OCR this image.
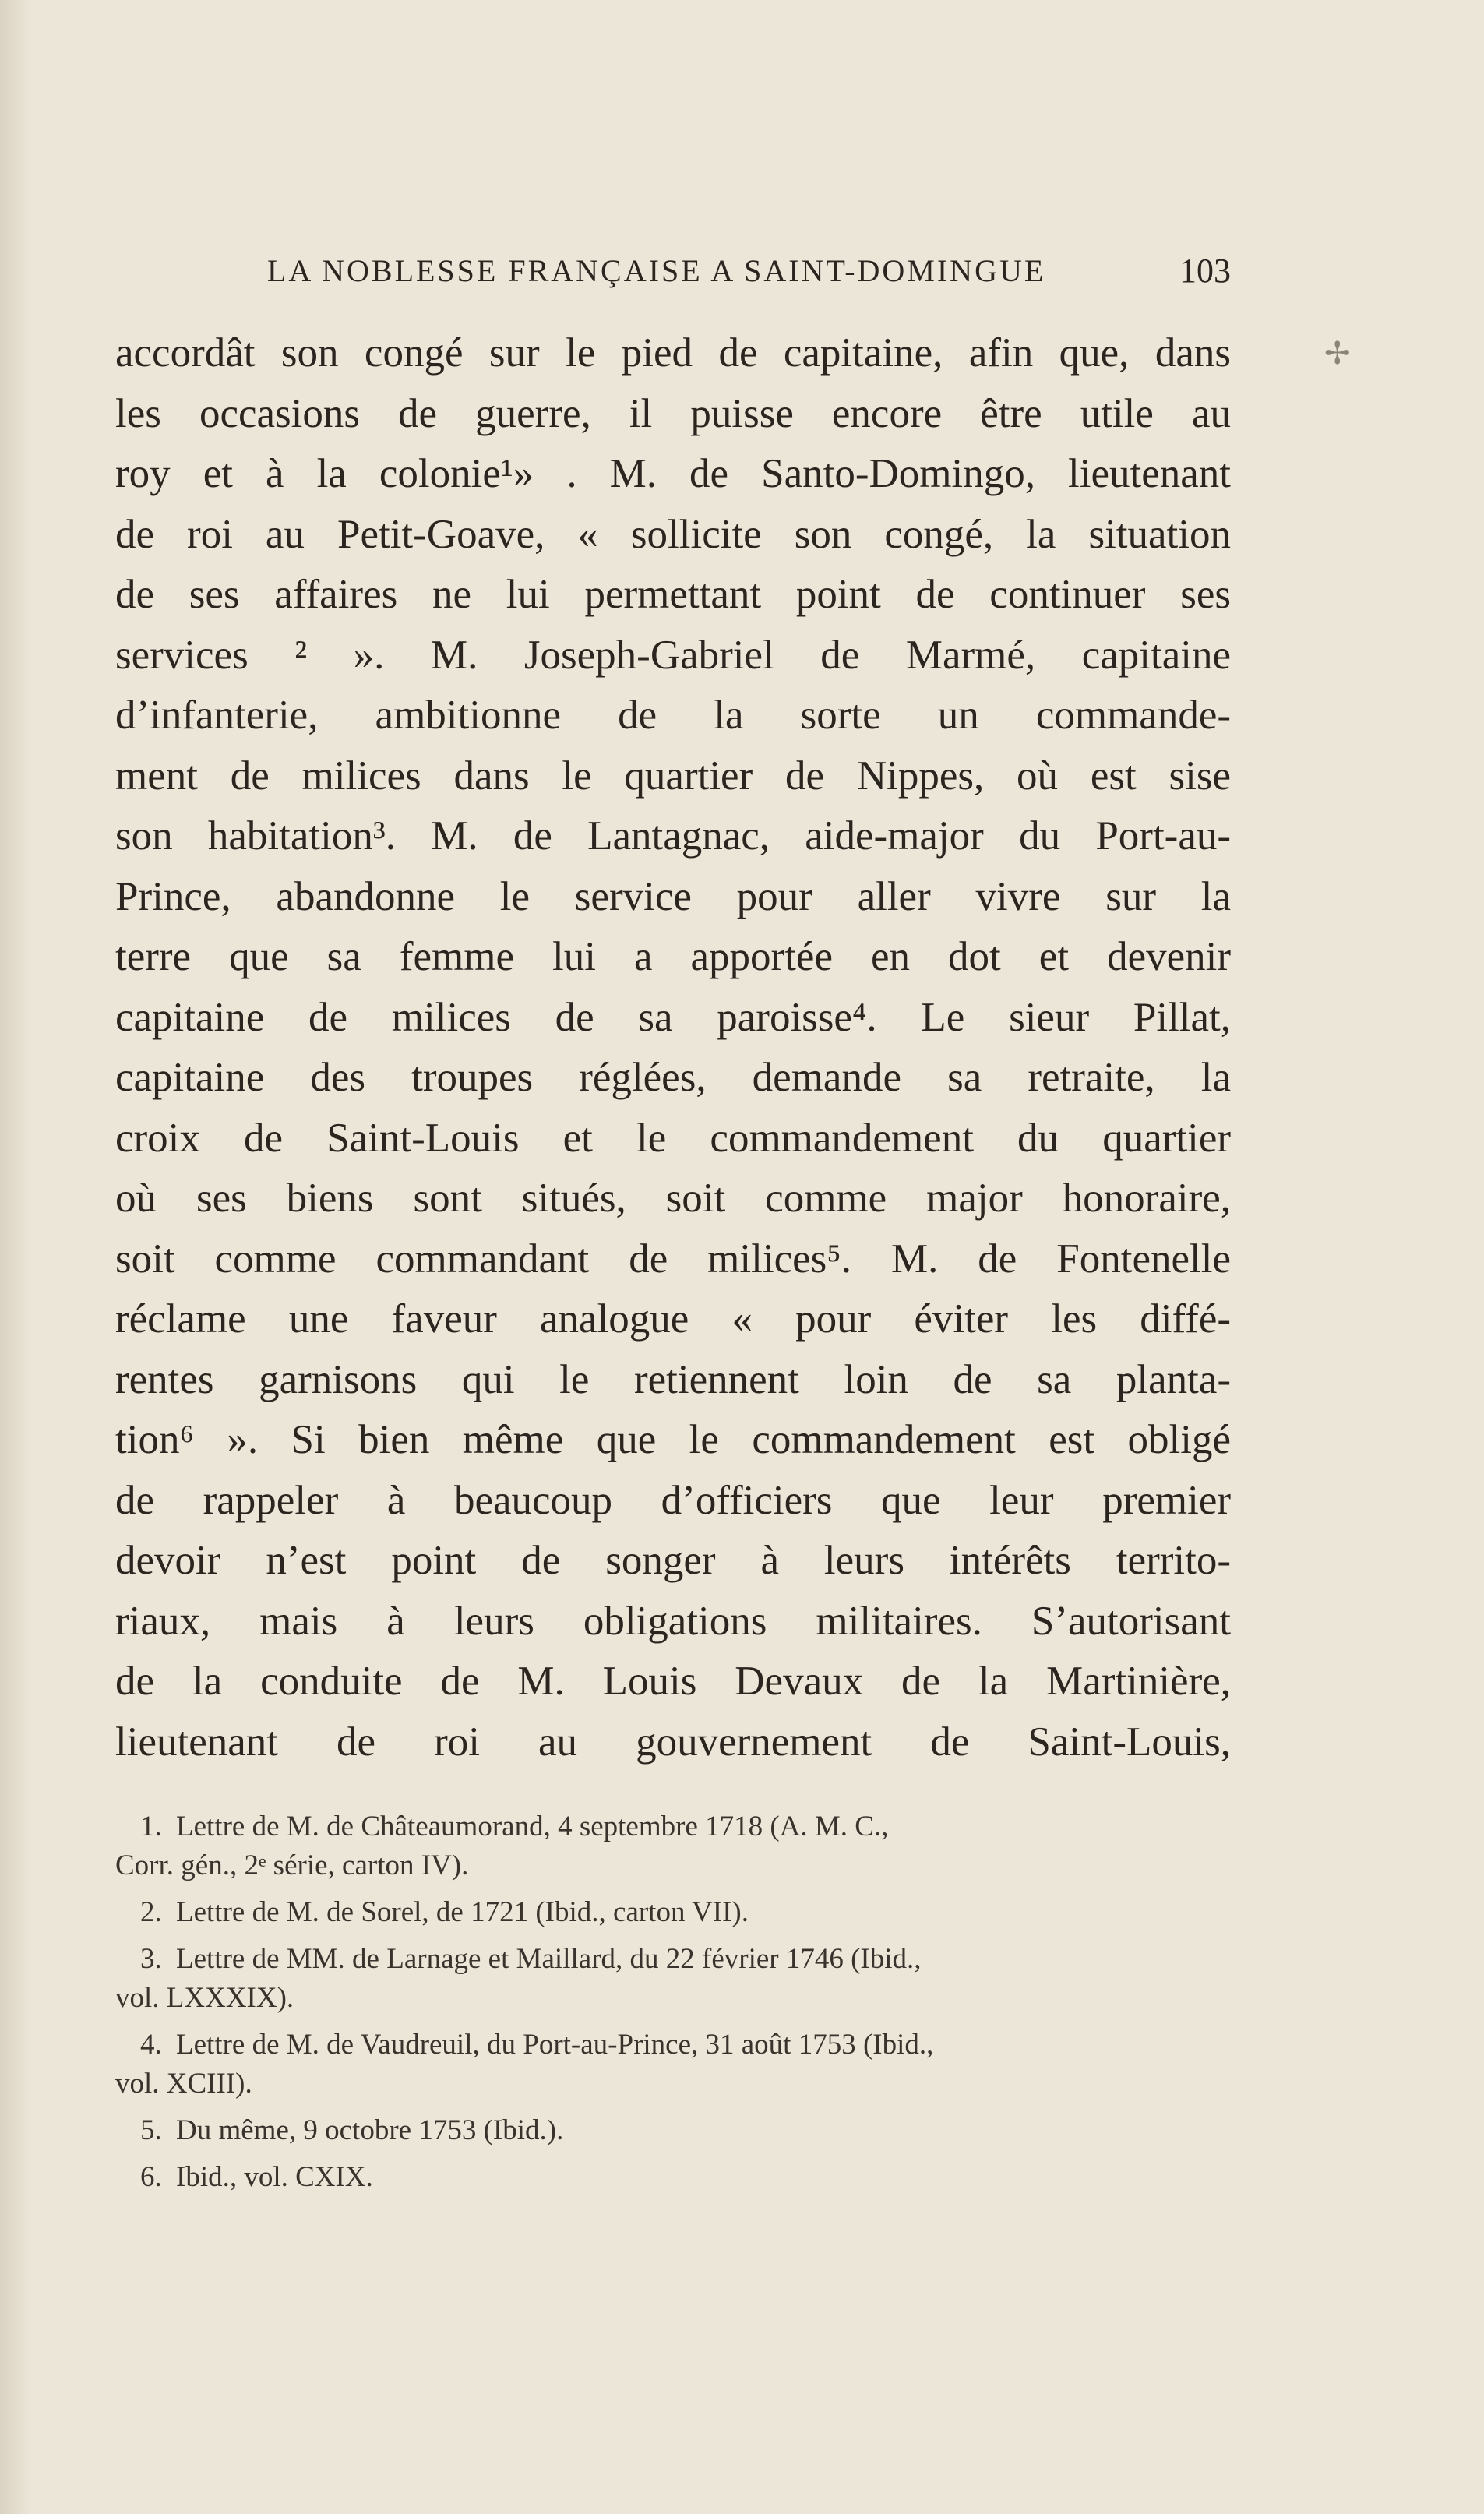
LA NOBLESSE FRANÇAISE A SAINT-DOMINGUE	103
✢
accordât son congé sur le pied de capitaine, afin que, dans
les occasions de guerre, il puisse encore être utile au
roy et à la colonie¹» . M. de Santo-Domingo, lieutenant
de roi au Petit-Goave, « sollicite son congé, la situation
de ses affaires ne lui permettant point de continuer ses
services ² ». M. Joseph-Gabriel de Marmé, capitaine
d’infanterie, ambitionne de la sorte un commande-
ment de milices dans le quartier de Nippes, où est sise
son habitation³. M. de Lantagnac, aide-major du Port-au-
Prince, abandonne le service pour aller vivre sur la
terre que sa femme lui a apportée en dot et devenir
capitaine de milices de sa paroisse⁴. Le sieur Pillat,
capitaine des troupes réglées, demande sa retraite, la
croix de Saint-Louis et le commandement du quartier
où ses biens sont situés, soit comme major honoraire,
soit comme commandant de milices⁵. M. de Fontenelle
réclame une faveur analogue « pour éviter les diffé-
rentes garnisons qui le retiennent loin de sa planta-
tion⁶ ». Si bien même que le commandement est obligé
de rappeler à beaucoup d’officiers que leur premier
devoir n’est point de songer à leurs intérêts territo-
riaux, mais à leurs obligations militaires. S’autorisant
de la conduite de M. Louis Devaux de la Martinière,
lieutenant de roi au gouvernement de Saint-Louis,
1. Lettre de M. de Châteaumorand, 4 septembre 1718 (A. M. C.,
Corr. gén., 2ᵉ série, carton IV).
2. Lettre de M. de Sorel, de 1721 (Ibid., carton VII).
3. Lettre de MM. de Larnage et Maillard, du 22 février 1746 (Ibid.,
vol. LXXXIX).
4. Lettre de M. de Vaudreuil, du Port-au-Prince, 31 août 1753 (Ibid.,
vol. XCIII).
5. Du même, 9 octobre 1753 (Ibid.).
6. Ibid., vol. CXIX.
